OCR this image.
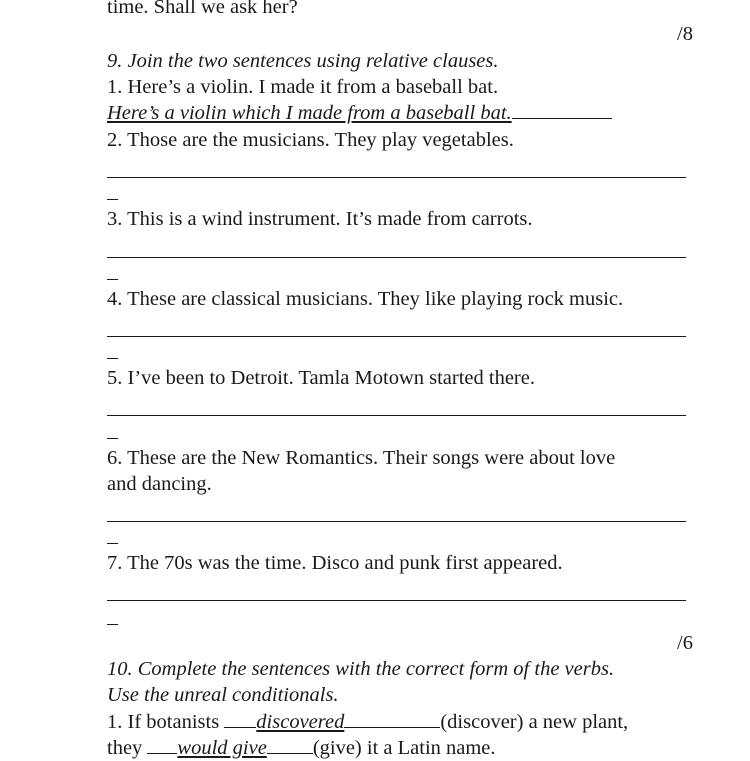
time. Shall we ask her?
/8
9. Join the two sentences using relative clauses.
1. Here’s a violin. I made it from a baseball bat.
Here’s a violin which I made from a baseball bat.
2. Those are the musicians. They play vegetables.
3. This is a wind instrument. It’s made from carrots.
4. These are classical musicians. They like playing rock music.
5. I’ve been to Detroit. Tamla Motown started there.
6. These are the New Romantics. Their songs were about love
and dancing.
7. The 70s was the time. Disco and punk first appeared.
/6
10. Complete the sentences with the correct form of the verbs.
Use the unreal conditionals.
1. If botanists discovered	(discover) a new plant,
they would give (give) it a Latin name.
